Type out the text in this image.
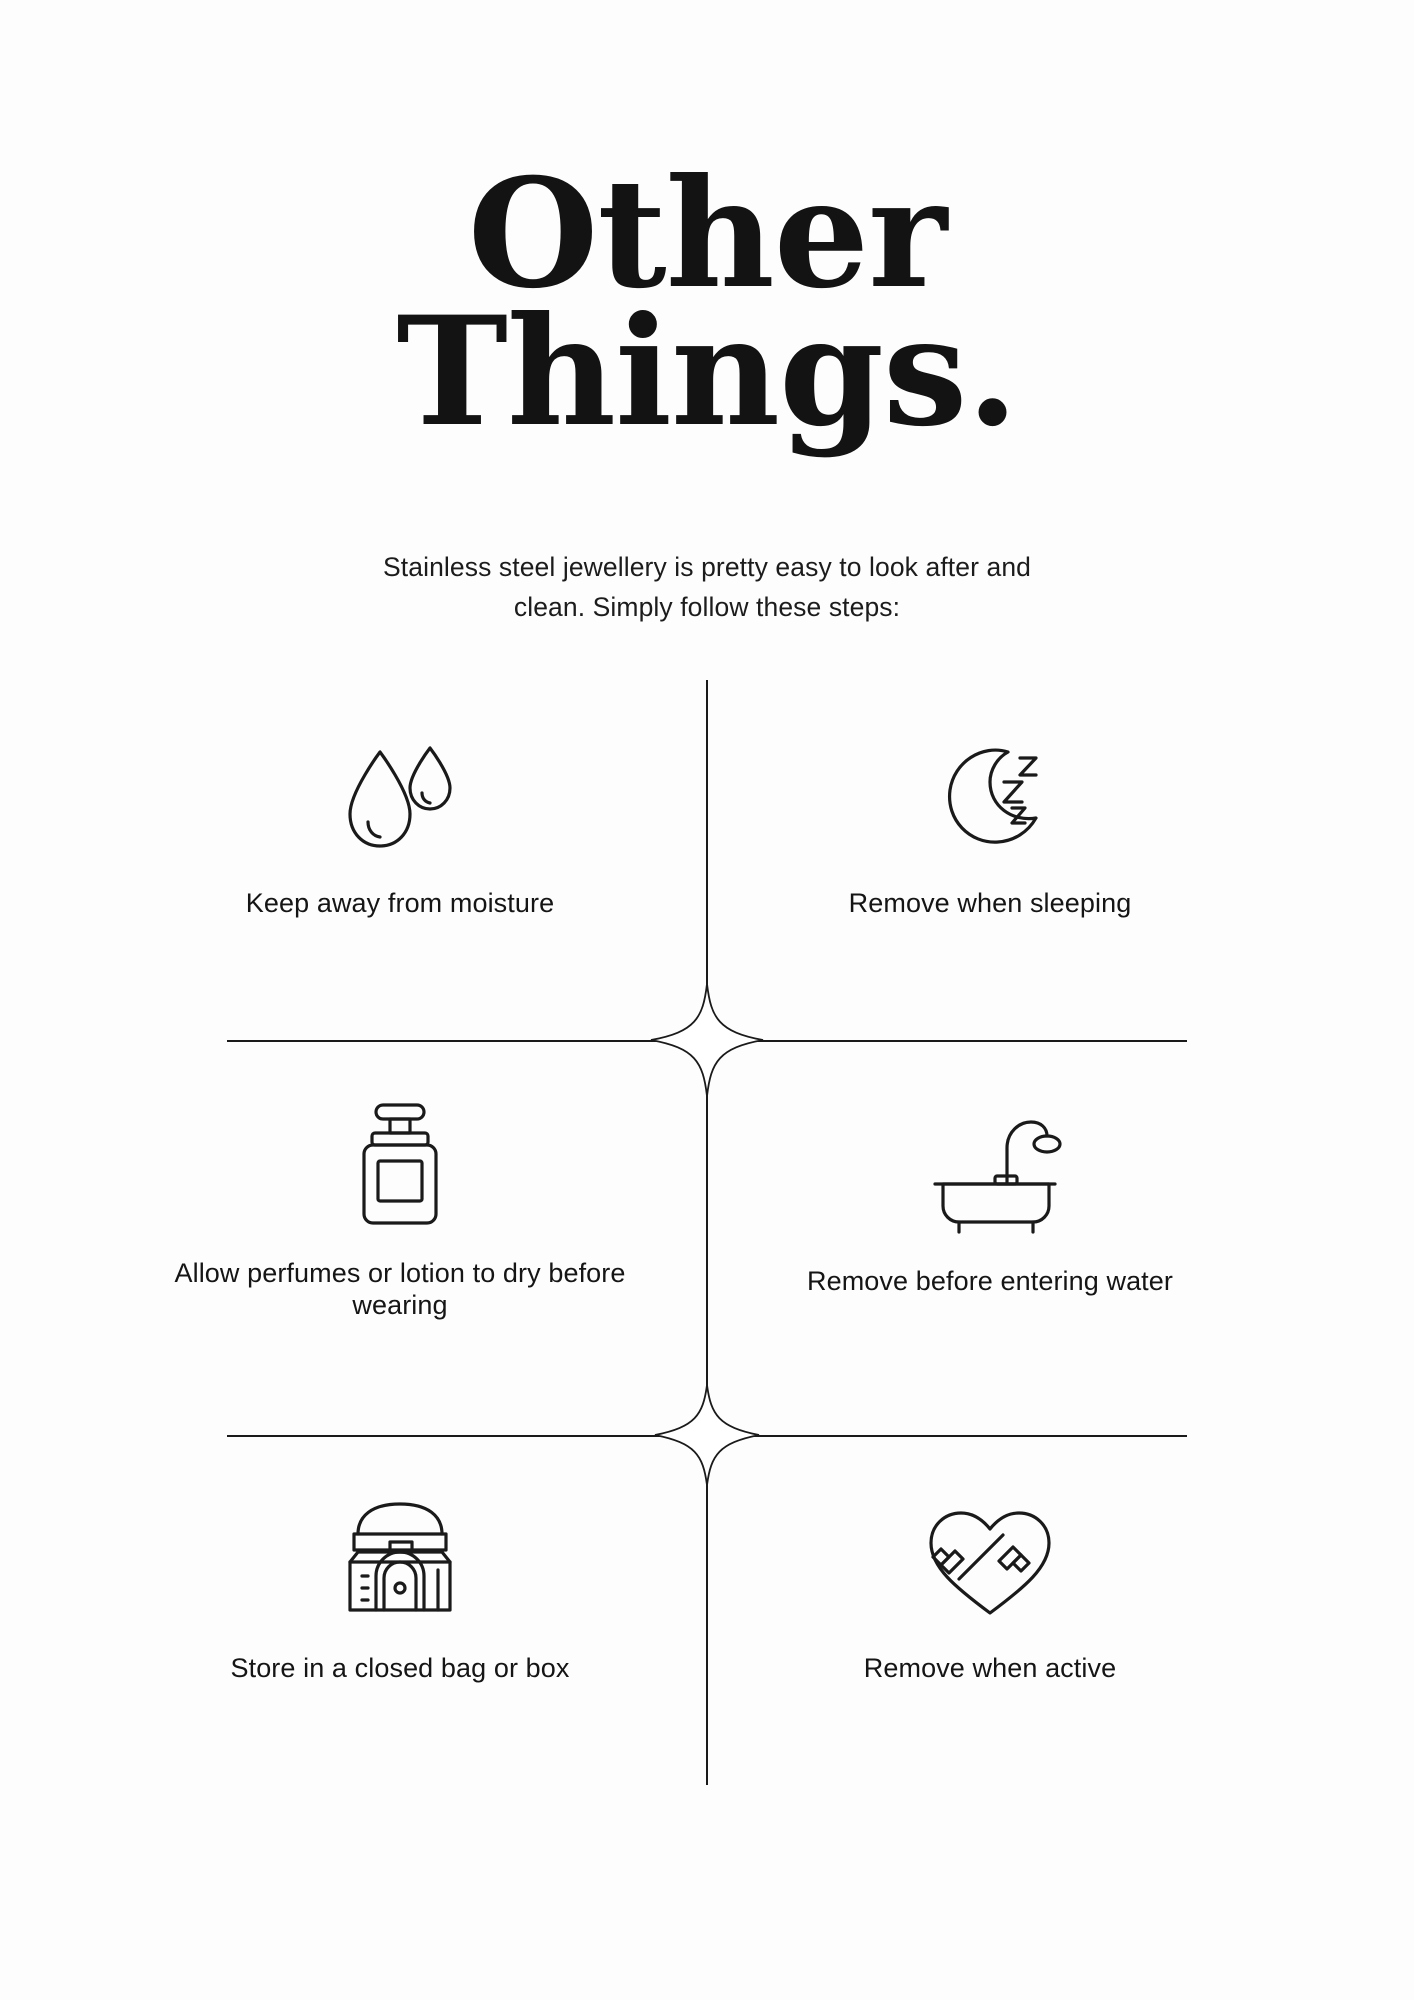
Other
Things.
Stainless steel jewellery is pretty easy to look after and clean. Simply follow these steps:
Keep away from moisture	Remove when sleeping
Allow perfumes or lotion to dry before wearing
Remove before entering water
Store in a closed bag or box	Remove when active
